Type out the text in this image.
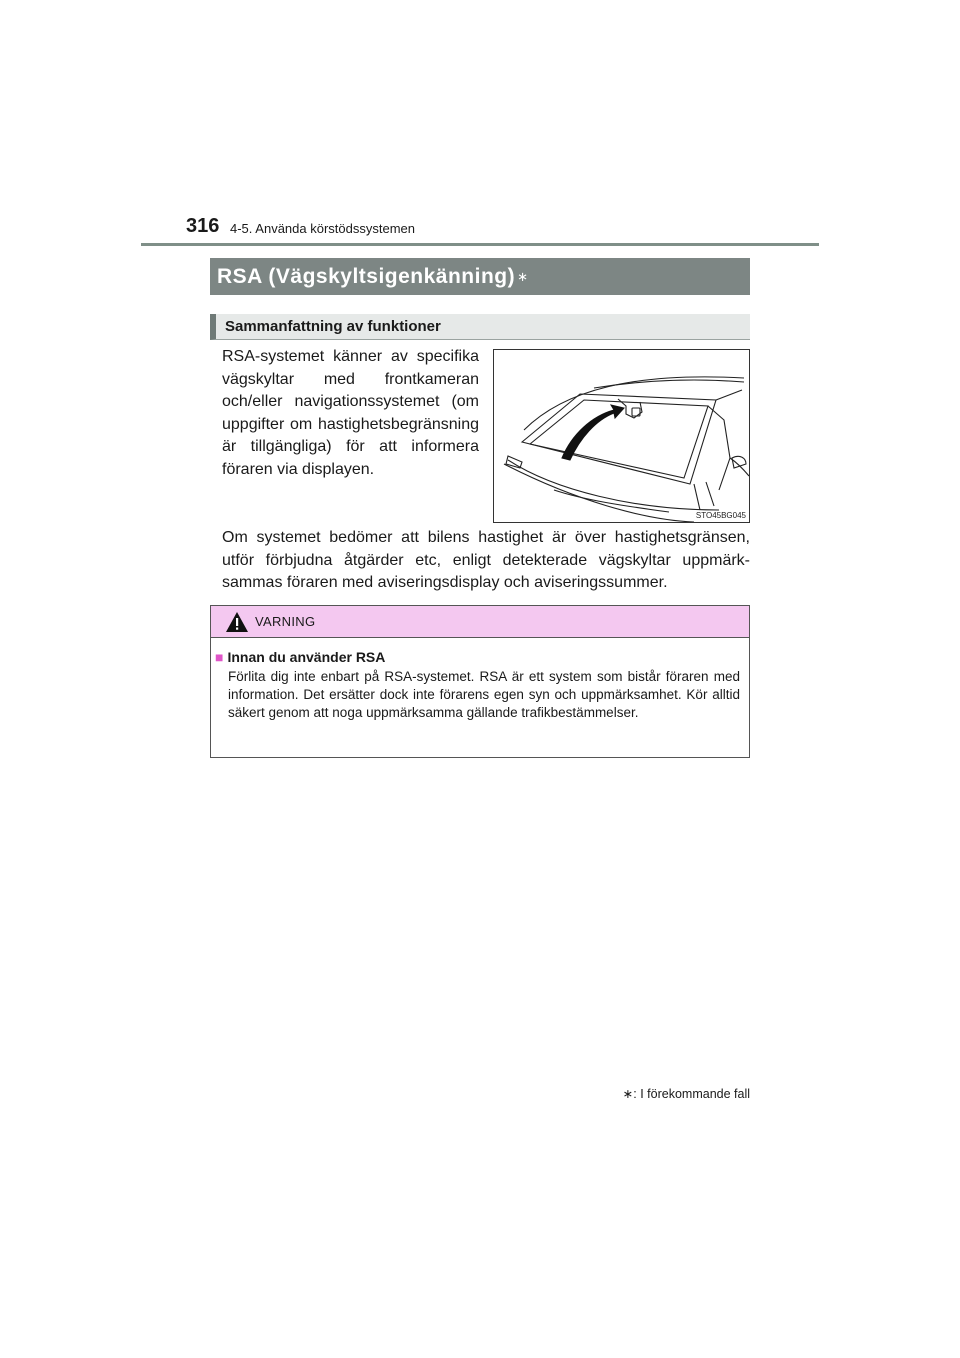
316 4-5. Använda körstödssystemen
RSA (Vägskyltsigenkänning) ∗
Sammanfattning av funktioner
RSA-systemet känner av specifika vägskyltar med frontkameran och/eller navigationssystemet (om uppgifter om hastighetsbegränsning är tillgängliga) för att informera föraren via displayen.
STO45BG045
Om systemet bedömer att bilens hastighet är över hastighetsgränsen, utför förbjudna åtgärder etc, enligt detekterade vägskyltar uppmärksammas föraren med aviseringsdisplay och aviseringssummer.
VARNING
■ Innan du använder RSA
Förlita dig inte enbart på RSA-systemet. RSA är ett system som bistår föraren med information. Det ersätter dock inte förarens egen syn och uppmärksamhet. Kör alltid säkert genom att noga uppmärksamma gällande trafikbestämmelser.
∗: I förekommande fall
